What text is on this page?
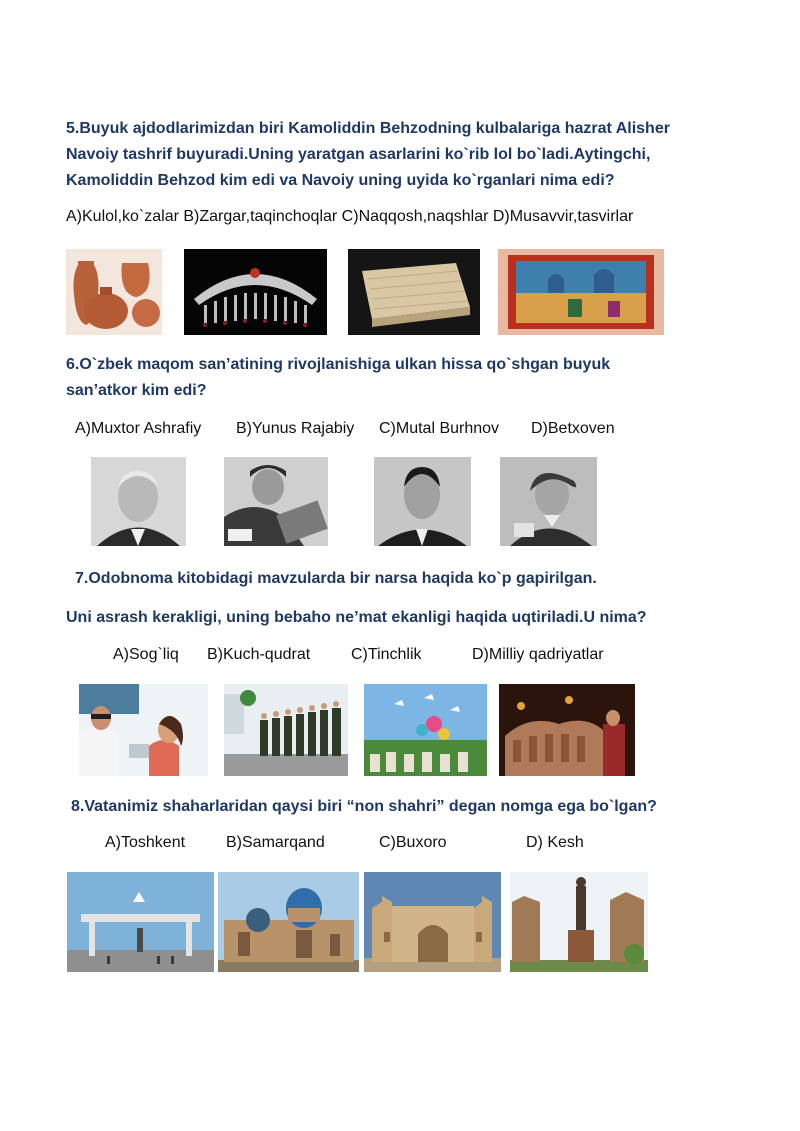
5.Buyuk ajdodlarimizdan biri Kamoliddin Behzodning kulbalariga hazrat Alisher Navoiy tashrif buyuradi.Uning yaratgan asarlarini ko`rib lol bo`ladi.Aytingchi, Kamoliddin Behzod kim edi va Navoiy uning uyida ko`rganlari nima edi?
A)Kulol,ko`zalar B)Zargar,taqinchoqlar C)Naqqosh,naqshlar D)Musavvir,tasvirlar
6.O`zbek maqom san’atining rivojlanishiga ulkan hissa qo`shgan buyuk
san’atkor kim edi?
A)Muxtor Ashrafiy B)Yunus Rajabiy C)Mutal Burhnov D)Betxoven
7.Odobnoma kitobidagi mavzularda bir narsa haqida ko`p gapirilgan.
Uni asrash kerakligi, uning bebaho ne’mat ekanligi haqida uqtiriladi.U nima?
A)Sog`liq B)Kuch-qudrat	C)Tinchlik	D)Milliy qadriyatlar
8.Vatanimiz shaharlaridan qaysi biri “non shahri” degan nomga ega bo`lgan?
A)Toshkent	B)Samarqand	C)Buxoro	D) Kesh
